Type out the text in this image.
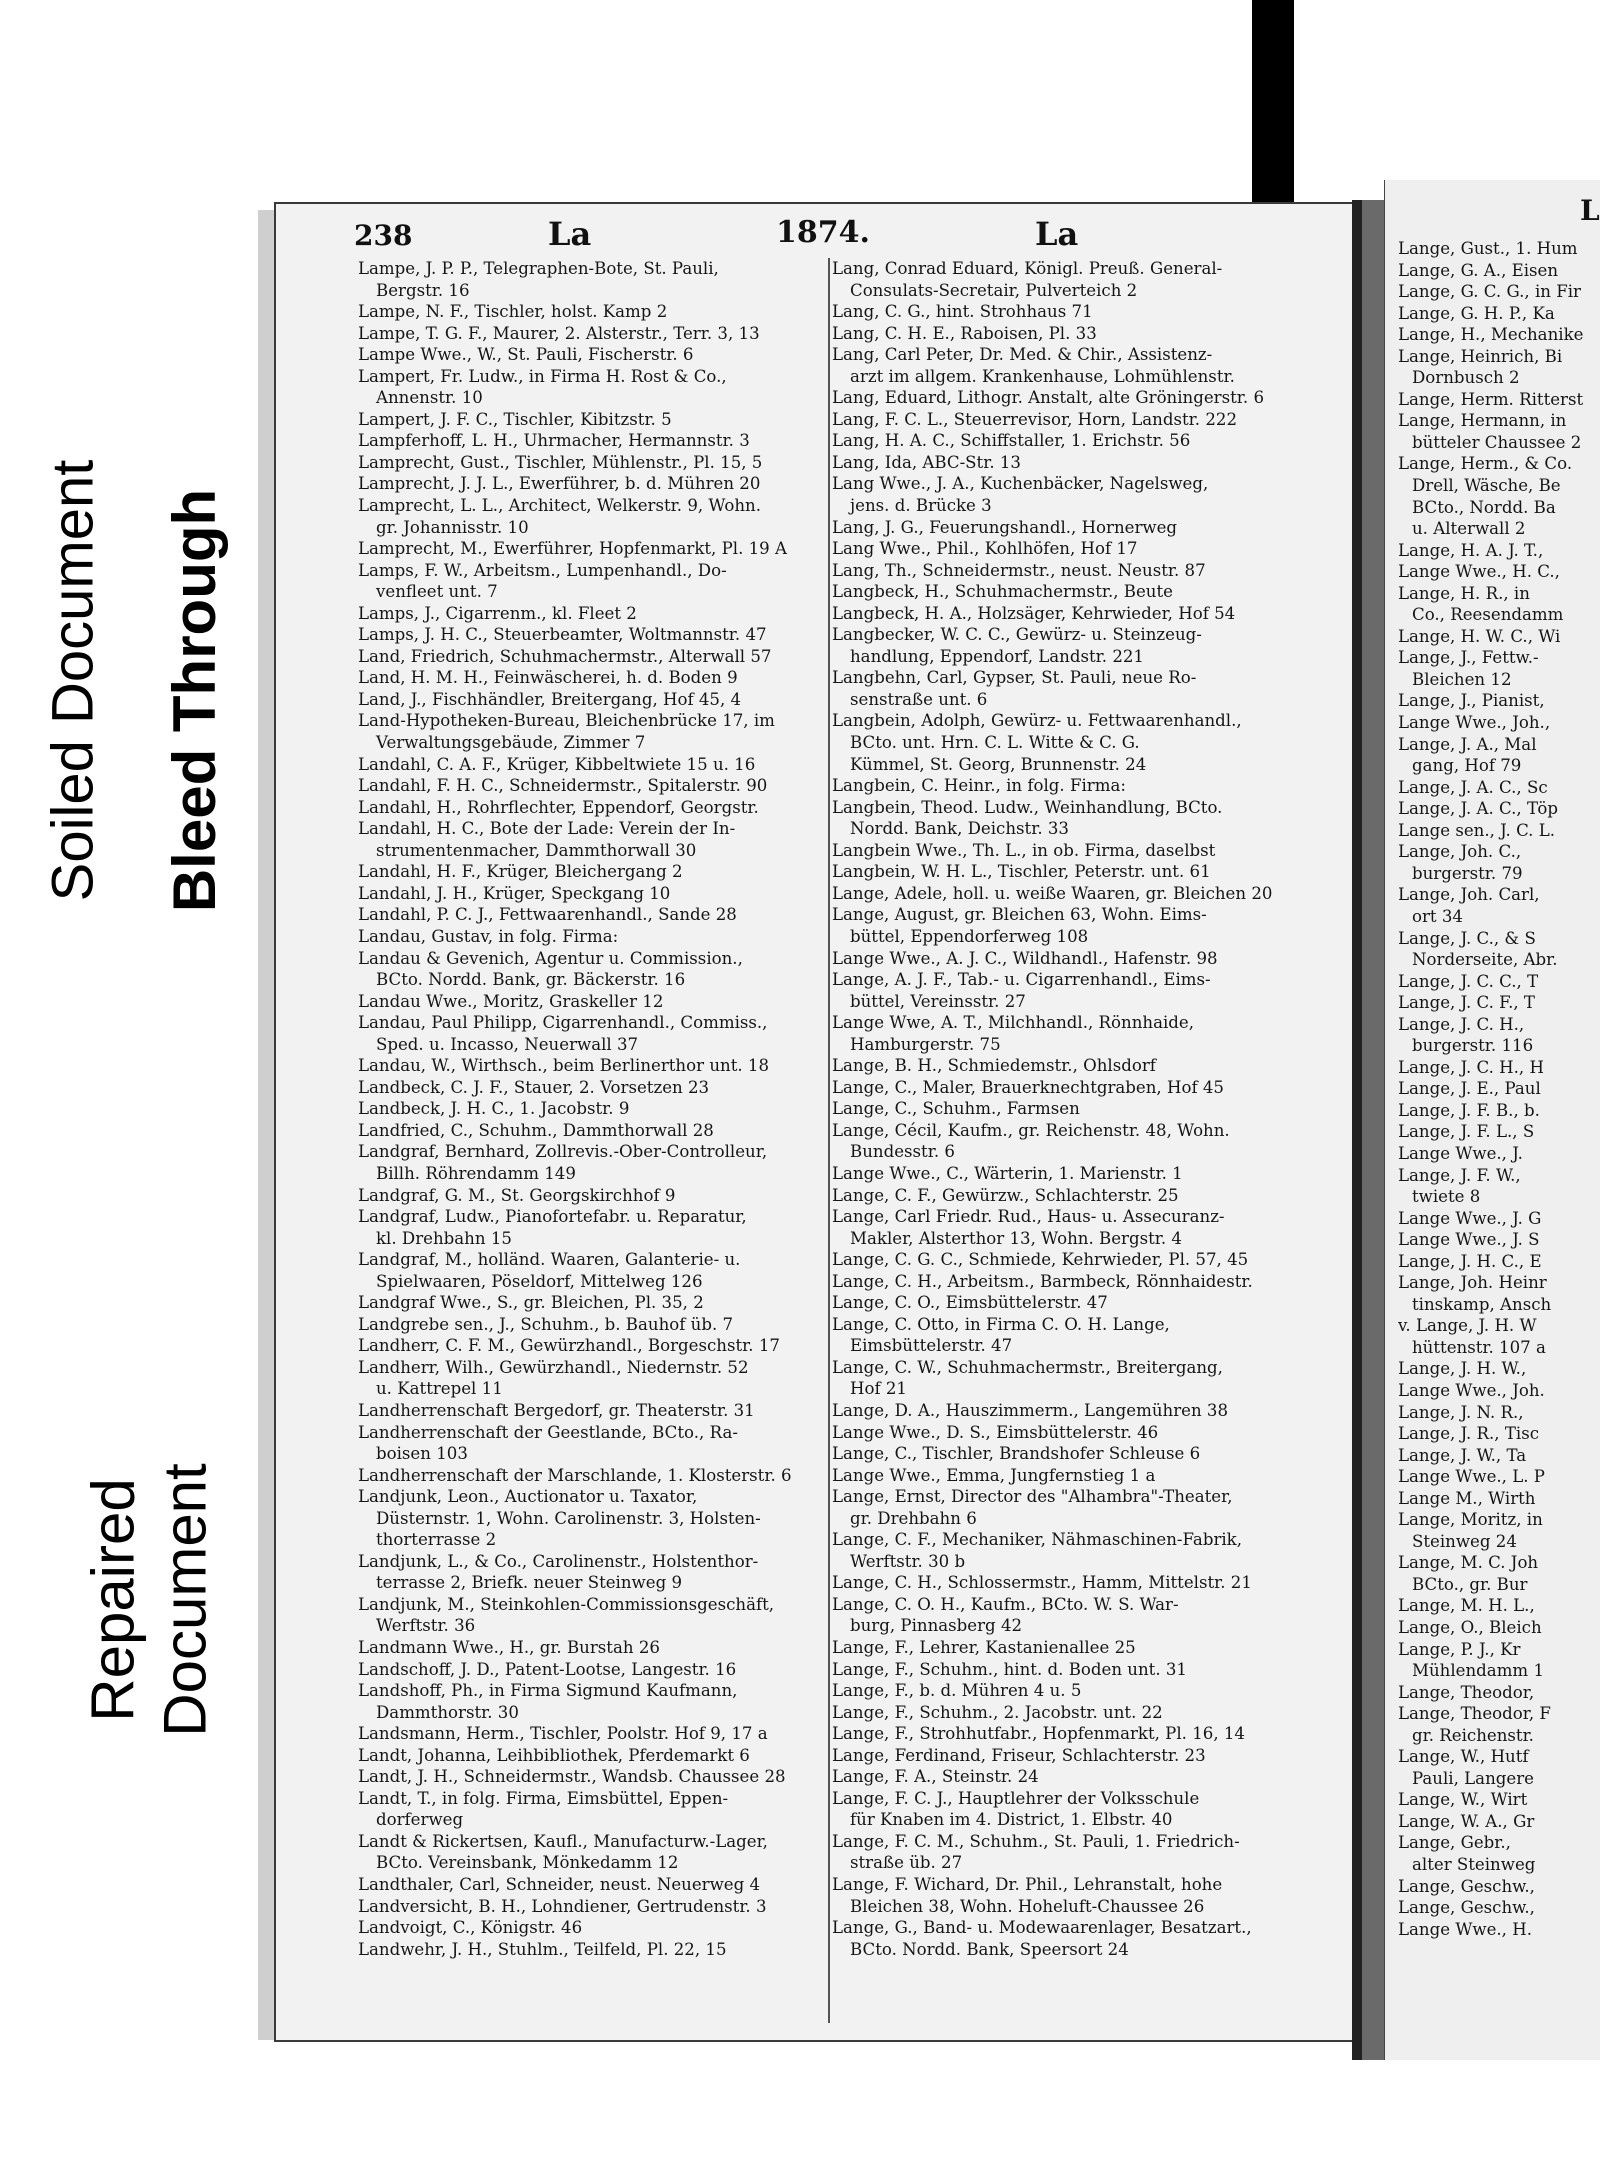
Soiled Document Bleed Through
Repaired Document
238	La	1874.	La
Lampe, J. P. P., Telegraphen-Bote, St. Pauli,
Bergstr. 16
Lampe, N. F., Tischler, holst. Kamp 2
Lampe, T. G. F., Maurer, 2. Alsterstr., Terr. 3, 13
Lampe Wwe., W., St. Pauli, Fischerstr. 6
Lampert, Fr. Ludw., in Firma H. Rost & Co.,
Annenstr. 10
Lampert, J. F. C., Tischler, Kibitzstr. 5
Lampferhoff, L. H., Uhrmacher, Hermannstr. 3
Lamprecht, Gust., Tischler, Mühlenstr., Pl. 15, 5
Lamprecht, J. J. L., Ewerführer, b. d. Mühren 20
Lamprecht, L. L., Architect, Welkerstr. 9, Wohn.
gr. Johannisstr. 10
Lamprecht, M., Ewerführer, Hopfenmarkt, Pl. 19 A
Lamps, F. W., Arbeitsm., Lumpenhandl., Do-
venfleet unt. 7
Lamps, J., Cigarrenm., kl. Fleet 2
Lamps, J. H. C., Steuerbeamter, Woltmannstr. 47
Land, Friedrich, Schuhmachermstr., Alterwall 57
Land, H. M. H., Feinwäscherei, h. d. Boden 9
Land, J., Fischhändler, Breitergang, Hof 45, 4
Land-Hypotheken-Bureau, Bleichenbrücke 17, im
Verwaltungsgebäude, Zimmer 7
Landahl, C. A. F., Krüger, Kibbeltwiete 15 u. 16
Landahl, F. H. C., Schneidermstr., Spitalerstr. 90
Landahl, H., Rohrflechter, Eppendorf, Georgstr.
Landahl, H. C., Bote der Lade: Verein der In-
strumentenmacher, Dammthorwall 30
Landahl, H. F., Krüger, Bleichergang 2
Landahl, J. H., Krüger, Speckgang 10
Landahl, P. C. J., Fettwaarenhandl., Sande 28
Landau, Gustav, in folg. Firma:
Landau & Gevenich, Agentur u. Commission.,
BCto. Nordd. Bank, gr. Bäckerstr. 16
Landau Wwe., Moritz, Graskeller 12
Landau, Paul Philipp, Cigarrenhandl., Commiss.,
Sped. u. Incasso, Neuerwall 37
Landau, W., Wirthsch., beim Berlinerthor unt. 18
Landbeck, C. J. F., Stauer, 2. Vorsetzen 23
Landbeck, J. H. C., 1. Jacobstr. 9
Landfried, C., Schuhm., Dammthorwall 28
Landgraf, Bernhard, Zollrevis.-Ober-Controlleur,
Billh. Röhrendamm 149
Landgraf, G. M., St. Georgskirchhof 9
Landgraf, Ludw., Pianofortefabr. u. Reparatur,
kl. Drehbahn 15
Landgraf, M., holländ. Waaren, Galanterie- u.
Spielwaaren, Pöseldorf, Mittelweg 126
Landgraf Wwe., S., gr. Bleichen, Pl. 35, 2
Landgrebe sen., J., Schuhm., b. Bauhof üb. 7
Landherr, C. F. M., Gewürzhandl., Borgeschstr. 17
Landherr, Wilh., Gewürzhandl., Niedernstr. 52
u. Kattrepel 11
Landherrenschaft Bergedorf, gr. Theaterstr. 31
Landherrenschaft der Geestlande, BCto., Ra-
boisen 103
Landherrenschaft der Marschlande, 1. Klosterstr. 6
Landjunk, Leon., Auctionator u. Taxator,
Düsternstr. 1, Wohn. Carolinenstr. 3, Holsten-
thorterrasse 2
Landjunk, L., & Co., Carolinenstr., Holstenthor-
terrasse 2, Briefk. neuer Steinweg 9
Landjunk, M., Steinkohlen-Commissionsgeschäft,
Werftstr. 36
Landmann Wwe., H., gr. Burstah 26
Landschoff, J. D., Patent-Lootse, Langestr. 16
Landshoff, Ph., in Firma Sigmund Kaufmann,
Dammthorstr. 30
Landsmann, Herm., Tischler, Poolstr. Hof 9, 17 a
Landt, Johanna, Leihbibliothek, Pferdemarkt 6
Landt, J. H., Schneidermstr., Wandsb. Chaussee 28
Landt, T., in folg. Firma, Eimsbüttel, Eppen-
dorferweg
Landt & Rickertsen, Kaufl., Manufacturw.-Lager,
BCto. Vereinsbank, Mönkedamm 12
Landthaler, Carl, Schneider, neust. Neuerweg 4
Landversicht, B. H., Lohndiener, Gertrudenstr. 3
Landvoigt, C., Königstr. 46
Landwehr, J. H., Stuhlm., Teilfeld, Pl. 22, 15
Lang, Conrad Eduard, Königl. Preuß. General-
Consulats-Secretair, Pulverteich 2
Lang, C. G., hint. Strohhaus 71
Lang, C. H. E., Raboisen, Pl. 33
Lang, Carl Peter, Dr. Med. & Chir., Assistenz-
arzt im allgem. Krankenhause, Lohmühlenstr.
Lang, Eduard, Lithogr. Anstalt, alte Gröningerstr. 6
Lang, F. C. L., Steuerrevisor, Horn, Landstr. 222
Lang, H. A. C., Schiffstaller, 1. Erichstr. 56
Lang, Ida, ABC-Str. 13
Lang Wwe., J. A., Kuchenbäcker, Nagelsweg,
jens. d. Brücke 3
Lang, J. G., Feuerungshandl., Hornerweg
Lang Wwe., Phil., Kohlhöfen, Hof 17
Lang, Th., Schneidermstr., neust. Neustr. 87
Langbeck, H., Schuhmachermstr., Beute
Langbeck, H. A., Holzsäger, Kehrwieder, Hof 54
Langbecker, W. C. C., Gewürz- u. Steinzeug-
handlung, Eppendorf, Landstr. 221
Langbehn, Carl, Gypser, St. Pauli, neue Ro-
senstraße unt. 6
Langbein, Adolph, Gewürz- u. Fettwaarenhandl.,
BCto. unt. Hrn. C. L. Witte & C. G.
Kümmel, St. Georg, Brunnenstr. 24
Langbein, C. Heinr., in folg. Firma:
Langbein, Theod. Ludw., Weinhandlung, BCto.
Nordd. Bank, Deichstr. 33
Langbein Wwe., Th. L., in ob. Firma, daselbst
Langbein, W. H. L., Tischler, Peterstr. unt. 61
Lange, Adele, holl. u. weiße Waaren, gr. Bleichen 20
Lange, August, gr. Bleichen 63, Wohn. Eims-
büttel, Eppendorferweg 108
Lange Wwe., A. J. C., Wildhandl., Hafenstr. 98
Lange, A. J. F., Tab.- u. Cigarrenhandl., Eims-
büttel, Vereinsstr. 27
Lange Wwe, A. T., Milchhandl., Rönnhaide,
Hamburgerstr. 75
Lange, B. H., Schmiedemstr., Ohlsdorf
Lange, C., Maler, Brauerknechtgraben, Hof 45
Lange, C., Schuhm., Farmsen
Lange, Cécil, Kaufm., gr. Reichenstr. 48, Wohn.
Bundesstr. 6
Lange Wwe., C., Wärterin, 1. Marienstr. 1
Lange, C. F., Gewürzw., Schlachterstr. 25
Lange, Carl Friedr. Rud., Haus- u. Assecuranz-
Makler, Alsterthor 13, Wohn. Bergstr. 4
Lange, C. G. C., Schmiede, Kehrwieder, Pl. 57, 45
Lange, C. H., Arbeitsm., Barmbeck, Rönnhaidestr.
Lange, C. O., Eimsbüttelerstr. 47
Lange, C. Otto, in Firma C. O. H. Lange,
Eimsbüttelerstr. 47
Lange, C. W., Schuhmachermstr., Breitergang,
Hof 21
Lange, D. A., Hauszimmerm., Langemühren 38
Lange Wwe., D. S., Eimsbüttelerstr. 46
Lange, C., Tischler, Brandshofer Schleuse 6
Lange Wwe., Emma, Jungfernstieg 1 a
Lange, Ernst, Director des "Alhambra"-Theater,
gr. Drehbahn 6
Lange, C. F., Mechaniker, Nähmaschinen-Fabrik,
Werftstr. 30 b
Lange, C. H., Schlossermstr., Hamm, Mittelstr. 21
Lange, C. O. H., Kaufm., BCto. W. S. War-
burg, Pinnasberg 42
Lange, F., Lehrer, Kastanienallee 25
Lange, F., Schuhm., hint. d. Boden unt. 31
Lange, F., b. d. Mühren 4 u. 5
Lange, F., Schuhm., 2. Jacobstr. unt. 22
Lange, F., Strohhutfabr., Hopfenmarkt, Pl. 16, 14
Lange, Ferdinand, Friseur, Schlachterstr. 23
Lange, F. A., Steinstr. 24
Lange, F. C. J., Hauptlehrer der Volksschule
für Knaben im 4. District, 1. Elbstr. 40
Lange, F. C. M., Schuhm., St. Pauli, 1. Friedrich-
straße üb. 27
Lange, F. Wichard, Dr. Phil., Lehranstalt, hohe
Bleichen 38, Wohn. Hoheluft-Chaussee 26
Lange, G., Band- u. Modewaarenlager, Besatzart.,
BCto. Nordd. Bank, Speersort 24
L
Lange, Gust., 1. Hum
Lange, G. A., Eisen
Lange, G. C. G., in Fir
Lange, G. H. P., Ka
Lange, H., Mechanike
Lange, Heinrich, Bi
Dornbusch 2
Lange, Herm. Ritterst
Lange, Hermann, in
bütteler Chaussee 2
Lange, Herm., & Co.
Drell, Wäsche, Be
BCto., Nordd. Ba
u. Alterwall 2
Lange, H. A. J. T.,
Lange Wwe., H. C.,
Lange, H. R., in
Co., Reesendamm
Lange, H. W. C., Wi
Lange, J., Fettw.-
Bleichen 12
Lange, J., Pianist,
Lange Wwe., Joh.,
Lange, J. A., Mal
gang, Hof 79
Lange, J. A. C., Sc
Lange, J. A. C., Töp
Lange sen., J. C. L.
Lange, Joh. C.,
burgerstr. 79
Lange, Joh. Carl,
ort 34
Lange, J. C., & S
Norderseite, Abr.
Lange, J. C. C., T
Lange, J. C. F., T
Lange, J. C. H.,
burgerstr. 116
Lange, J. C. H., H
Lange, J. E., Paul
Lange, J. F. B., b.
Lange, J. F. L., S
Lange Wwe., J.
Lange, J. F. W.,
twiete 8
Lange Wwe., J. G
Lange Wwe., J. S
Lange, J. H. C., E
Lange, Joh. Heinr
tinskamp, Ansch
v. Lange, J. H. W
hüttenstr. 107 a
Lange, J. H. W.,
Lange Wwe., Joh.
Lange, J. N. R.,
Lange, J. R., Tisc
Lange, J. W., Ta
Lange Wwe., L. P
Lange M., Wirth
Lange, Moritz, in
Steinweg 24
Lange, M. C. Joh
BCto., gr. Bur
Lange, M. H. L.,
Lange, O., Bleich
Lange, P. J., Kr
Mühlendamm 1
Lange, Theodor,
Lange, Theodor, F
gr. Reichenstr.
Lange, W., Hutf
Pauli, Langere
Lange, W., Wirt
Lange, W. A., Gr
Lange, Gebr.,
alter Steinweg
Lange, Geschw.,
Lange, Geschw.,
Lange Wwe., H.
